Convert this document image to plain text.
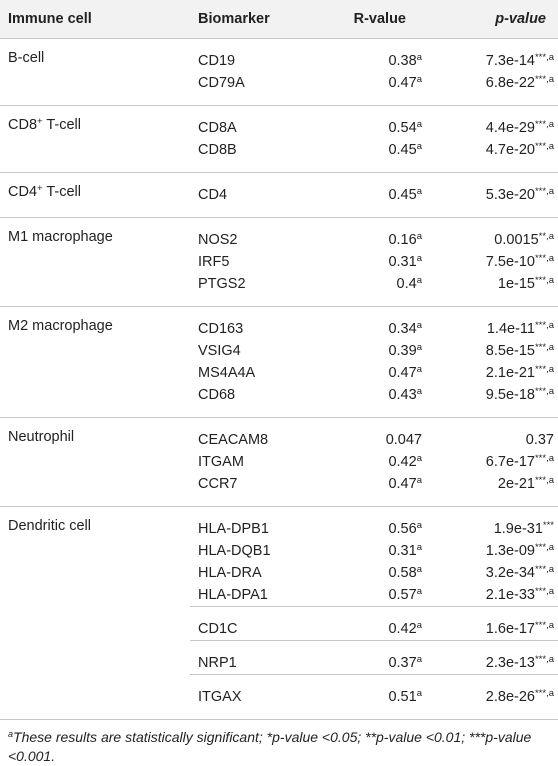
Immune cell	Biomarker	R-value	p-value
B-cell	CD19	0.38$^a$	$7.3e-14^{***,a}$
	CD79A	0.47$^a$	$6.8e-22^{***,a}$
CD8+ T-cell	CD8A	0.54$^a$	$4.4e-29^{***,a}$
	CD8B	0.45$^a$	$4.7e-20^{***,a}$
CD4+ T-cell	CD4	0.45$^a$	$5.3e-20^{***,a}$
M1 macrophage	NOS2	0.16$^a$	$0.0015^{**,a}$
	IRF5	0.31$^a$	$7.5e-10^{***,a}$
	PTGS2	0.4$^a$	$1e-15^{***,a}$
M2 macrophage	CD163	0.34$^a$	$1.4e-11^{***,a}$
	VSIG4	0.39$^a$	$8.5e-15^{***,a}$
	MS4A4A	0.47$^a$	$2.1e-21^{***,a}$
	CD68	0.43$^a$	$9.5e-18^{***,a}$
Neutrophil	CEACAM8	0.047	0.37
	ITGAM	0.42$^a$	$6.7e-17^{***,a}$
	CCR7	0.47$^a$	$2e-21^{***,a}$
Dendritic cell	HLA-DPB1	0.56$^a$	1.9e-31***
	HLA-DQB1	0.31$^a$	$1.3e-09^{***,a}$
	HLA-DRA	0.58$^a$	$3.2e-34^{***,a}$
	HLA-DPA1	0.57$^a$	$2.1e-33^{***,a}$
	CD1C	0.42$^a$	$1.6e-17^{***,a}$
	NRP1	0.37$^a$	$2.3e-13^{***,a}$
	ITGAX	0.51$^a$	$2.8e-26^{***,a}$
$^a$These results are statistically significant; *p-value <0.05; **p-value <0.01; ***p-value <0.001.
